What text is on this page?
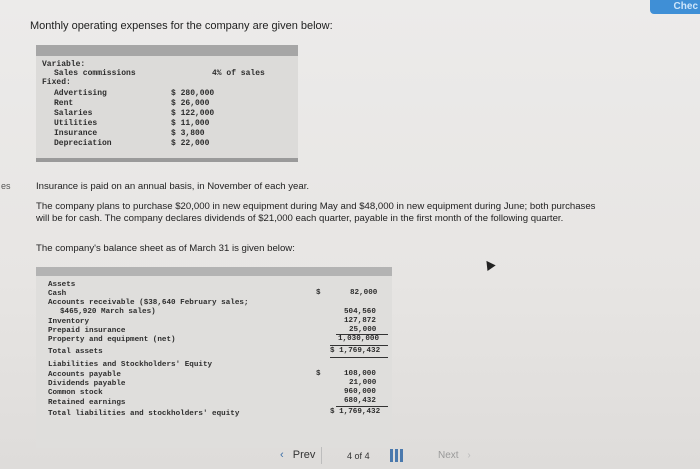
Chec
es
Monthly operating expenses for the company are given below:
Variable:
Sales commissions	4% of sales
Fixed:
Advertising	$ 280,000
Rent	$ 26,000
Salaries	$ 122,000
Utilities	$ 11,000
Insurance	$ 3,800
Depreciation	$ 22,000
Insurance is paid on an annual basis, in November of each year.
The company plans to purchase $20,000 in new equipment during May and $48,000 in new equipment during June; both purchases
will be for cash. The company declares dividends of $21,000 each quarter, payable in the first month of the following quarter.
The company's balance sheet as of March 31 is given below:
Assets
Cash	$	82,000
Accounts receivable ($38,640 February sales;
$465,920 March sales)	504,560
Inventory	127,872
Prepaid insurance	25,000
Property and equipment (net)	1,030,000
Total assets	$ 1,769,432
Liabilities and Stockholders' Equity
Accounts payable	$	108,000
Dividends payable	21,000
Common stock	960,000
Retained earnings	680,432
Total liabilities and stockholders' equity	$ 1,769,432
‹ Prev	4 of 4	Next ›
